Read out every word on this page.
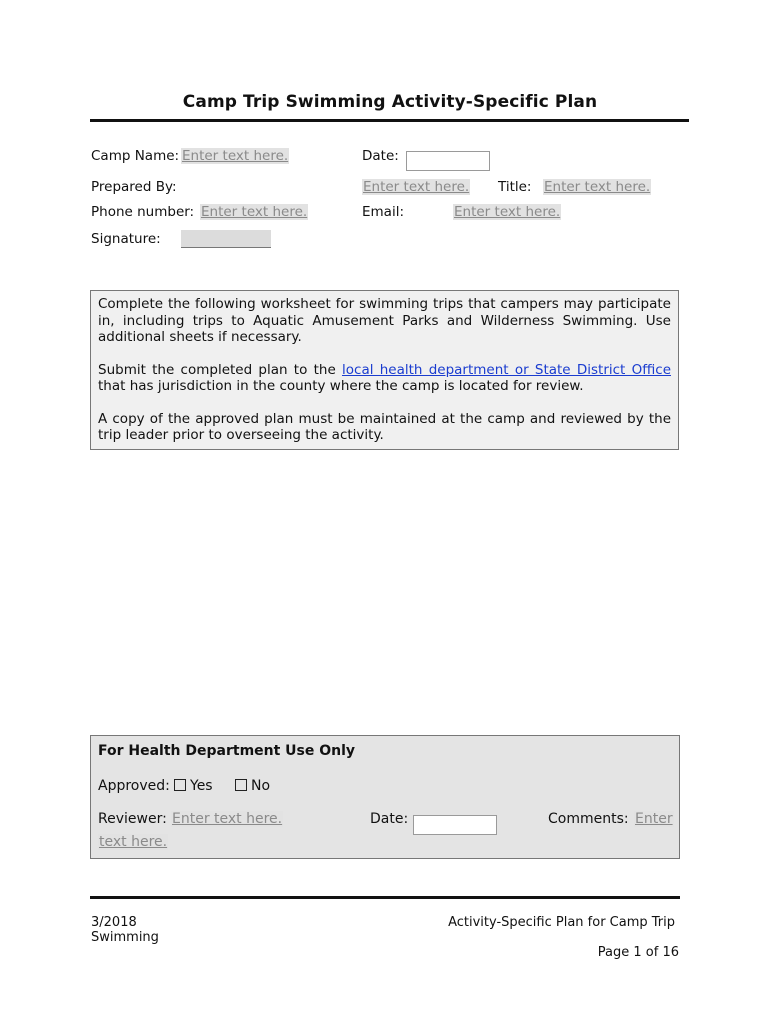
Camp Trip Swimming Activity-Specific Plan
Camp Name: Enter text here.	Date:
Prepared By:	Enter text here. Title: Enter text here.
Phone number: Enter text here.	Email:	Enter text here.
Signature:

Complete the following worksheet for swimming trips that campers may participate in, including trips to Aquatic Amusement Parks and Wilderness Swimming. Use additional sheets if necessary.

Submit the completed plan to the local health department or State District Office that has jurisdiction in the county where the camp is located for review.

A copy of the approved plan must be maintained at the camp and reviewed by the trip leader prior to overseeing the activity.

For Health Department Use Only
Approved:	Yes	No
Reviewer: Enter text here.	Date:	Comments: Enter
text here.
3/2018
Swimming
Activity-Specific Plan for Camp Trip
Page 1 of 16
